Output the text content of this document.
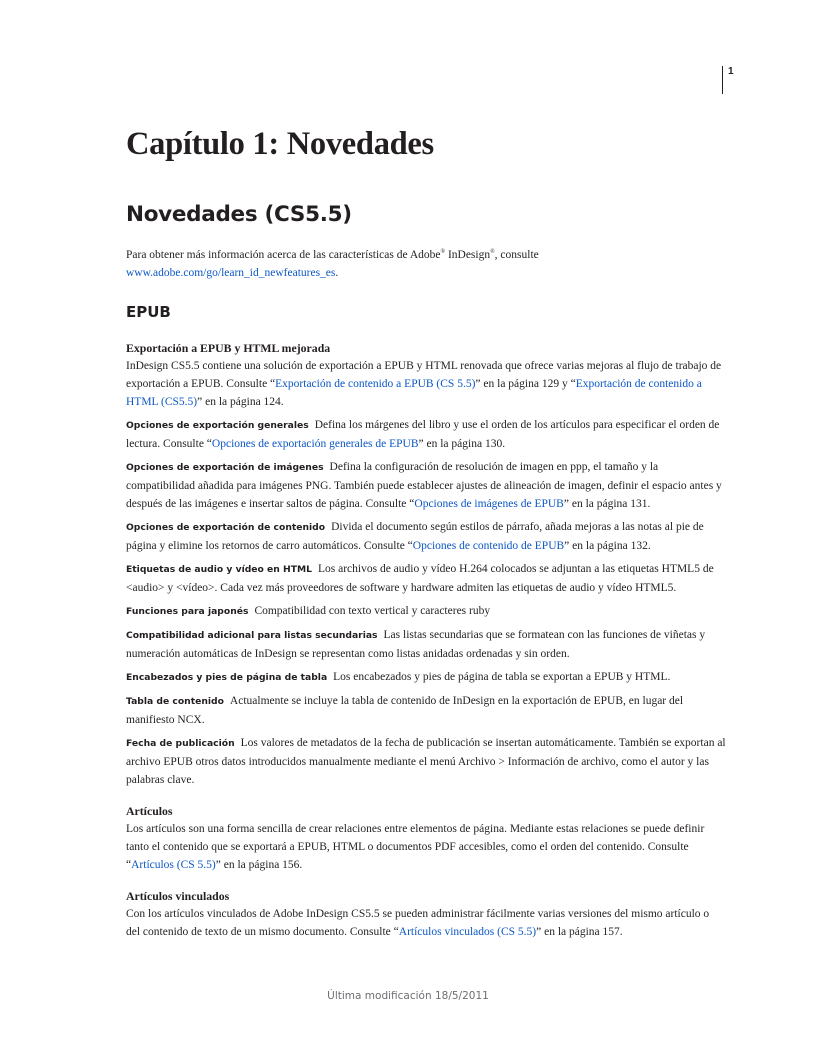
1
Capítulo 1: Novedades
Novedades (CS5.5)

Para obtener más información acerca de las características de Adobe® InDesign®, consulte
www.adobe.com/go/learn_id_newfeatures_es.

EPUB

Exportación a EPUB y HTML mejorada

InDesign CS5.5 contiene una solución de exportación a EPUB y HTML renovada que ofrece varias mejoras al flujo de trabajo de exportación a EPUB. Consulte “Exportación de contenido a EPUB (CS 5.5)” en la página 129 y “Exportación de contenido a HTML (CS5.5)” en la página 124.

Opciones de exportación generales Defina los márgenes del libro y use el orden de los artículos para especificar el orden de lectura. Consulte “Opciones de exportación generales de EPUB” en la página 130.

Opciones de exportación de imágenes Defina la configuración de resolución de imagen en ppp, el tamaño y la compatibilidad añadida para imágenes PNG. También puede establecer ajustes de alineación de imagen, definir el espacio antes y después de las imágenes e insertar saltos de página. Consulte “Opciones de imágenes de EPUB” en la página 131.

Opciones de exportación de contenido Divida el documento según estilos de párrafo, añada mejoras a las notas al pie de página y elimine los retornos de carro automáticos. Consulte “Opciones de contenido de EPUB” en la página 132.

Etiquetas de audio y vídeo en HTML Los archivos de audio y vídeo H.264 colocados se adjuntan a las etiquetas HTML5 de <audio> y <vídeo>. Cada vez más proveedores de software y hardware admiten las etiquetas de audio y vídeo HTML5.

Funciones para japonés Compatibilidad con texto vertical y caracteres ruby

Compatibilidad adicional para listas secundarias Las listas secundarias que se formatean con las funciones de viñetas y numeración automáticas de InDesign se representan como listas anidadas ordenadas y sin orden.

Encabezados y pies de página de tabla Los encabezados y pies de página de tabla se exportan a EPUB y HTML.

Tabla de contenido Actualmente se incluye la tabla de contenido de InDesign en la exportación de EPUB, en lugar del manifiesto NCX.

Fecha de publicación Los valores de metadatos de la fecha de publicación se insertan automáticamente. También se exportan al archivo EPUB otros datos introducidos manualmente mediante el menú Archivo > Información de archivo, como el autor y las palabras clave.

Artículos

Los artículos son una forma sencilla de crear relaciones entre elementos de página. Mediante estas relaciones se puede definir tanto el contenido que se exportará a EPUB, HTML o documentos PDF accesibles, como el orden del contenido. Consulte “Artículos (CS 5.5)” en la página 156.

Artículos vinculados

Con los artículos vinculados de Adobe InDesign CS5.5 se pueden administrar fácilmente varias versiones del mismo artículo o del contenido de texto de un mismo documento. Consulte “Artículos vinculados (CS 5.5)” en la página 157.

Última modificación 18/5/2011
